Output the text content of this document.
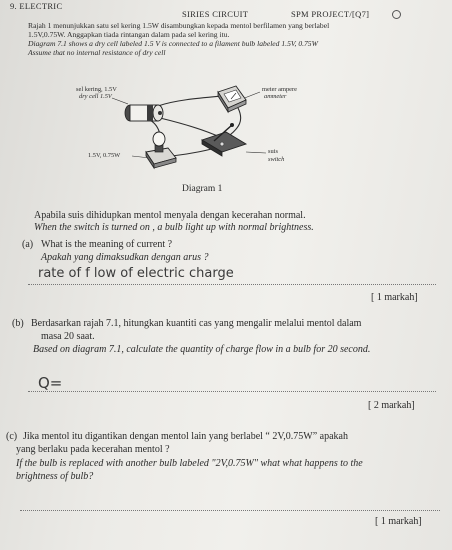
9. ELECTRIC
SIRIES CIRCUIT	SPM PROJECT/[Q7]
Rajah 1 menunjukkan satu sel kering 1.5W disambungkan kepada mentol berfilamen yang berlabel
1.5V,0.75W. Anggapkan tiada rintangan dalam pada sel kering itu.
Diagram 7.1 shows a dry cell labeled 1.5 V is connected to a filament bulb labeled 1.5V, 0.75W
Assume that no internal resistance of dry cell
sel kering, 1.5V
dry cell 1.5V
meter ampere
ammeter
1.5V, 0.75W
suis
switch
Diagram 1
Apabila suis dihidupkan mentol menyala dengan kecerahan normal.
When the switch is turned on , a bulb light up with normal brightness.
(a) What is the meaning of current ?
Apakah yang dimaksudkan dengan arus ?
rate of f low of electric charge
[ 1 markah]
(b) Berdasarkan rajah 7.1, hitungkan kuantiti cas yang mengalir melalui mentol dalam
masa 20 saat.
Based on diagram 7.1, calculate the quantity of charge flow in a bulb for 20 second.
Q=
[ 2 markah]
(c) Jika mentol itu digantikan dengan mentol lain yang berlabel “ 2V,0.75W” apakah
yang berlaku pada kecerahan mentol ?
If the bulb is replaced with another bulb labeled "2V,0.75W" what what happens to the
brightness of bulb?
[ 1 markah]
